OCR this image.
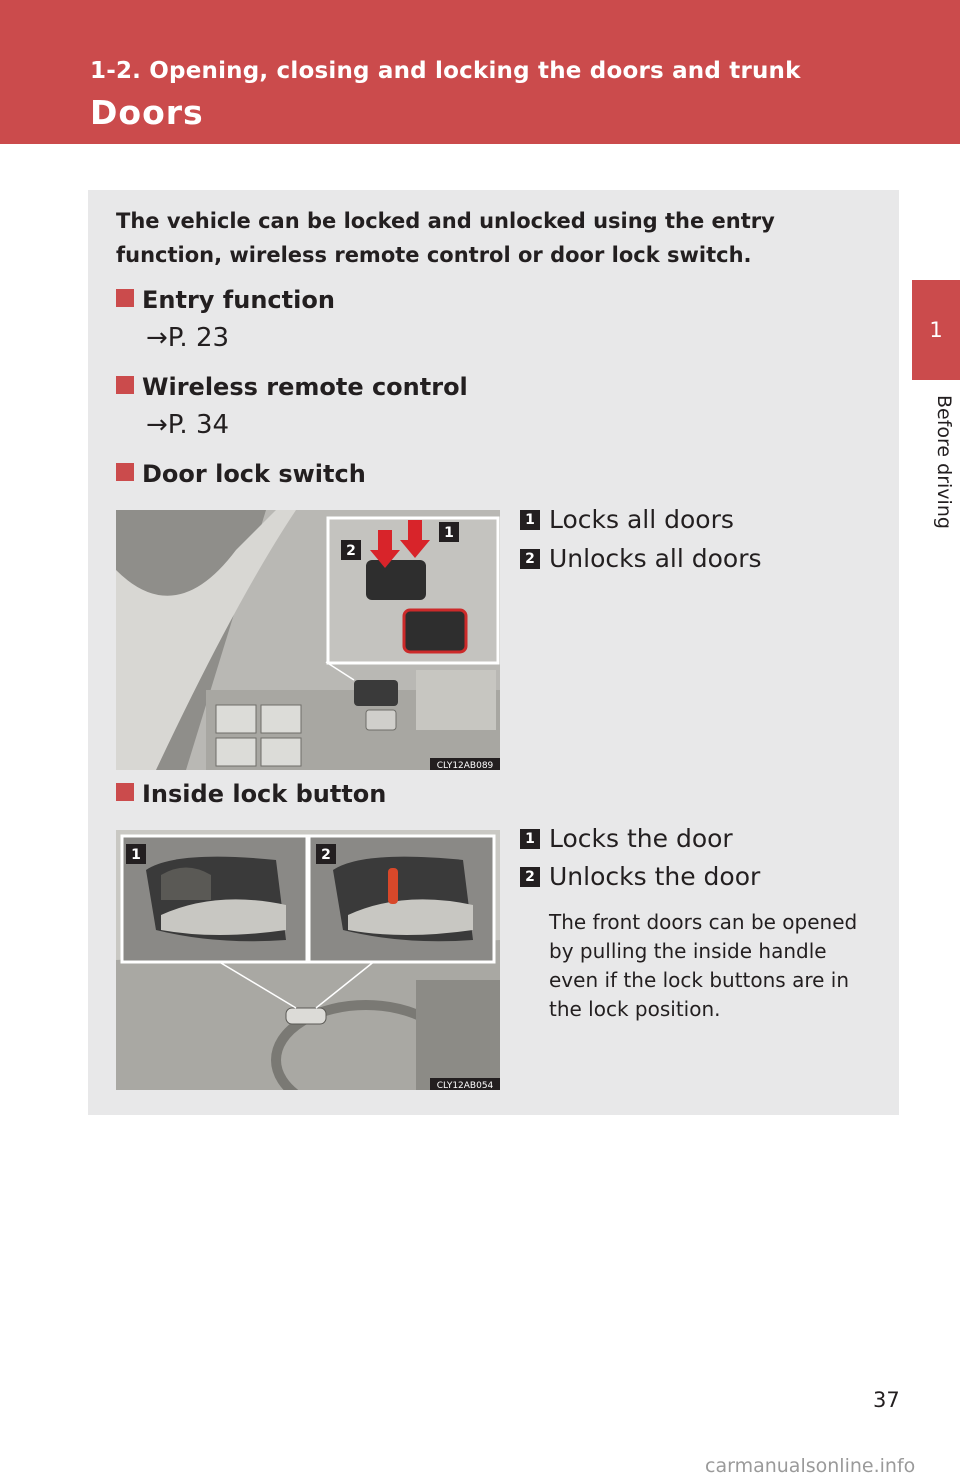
1-2. Opening, closing and locking the doors and trunk
Doors
1
Before driving
The vehicle can be locked and unlocked using the entry function, wireless remote control or door lock switch.
Entry function
→P. 23
Wireless remote control
→P. 34
Door lock switch
1
2
CLY12AB089
1 Locks all doors
2 Unlocks all doors
Inside lock button
1	2
CLY12AB054
1 Locks the door
2 Unlocks the door
The front doors can be opened by pulling the inside handle even if the lock buttons are in the lock position.
37
carmanualsonline.info
